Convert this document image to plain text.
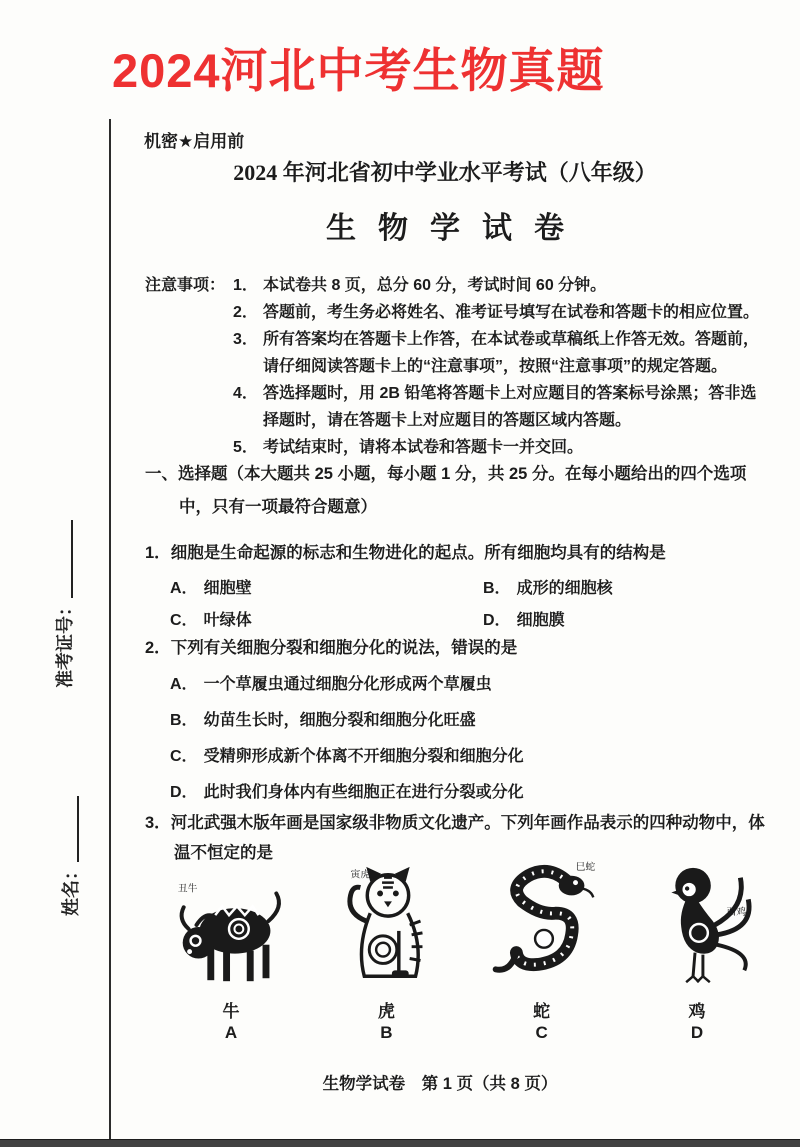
2024河北中考生物真题
准考证号：
姓名：
机密★启用前
2024 年河北省初中学业水平考试（八年级）
生物学试卷
注意事项： 1． 本试卷共 8 页，总分 60 分，考试时间 60 分钟。
2． 答题前，考生务必将姓名、准考证号填写在试卷和答题卡的相应位置。
3． 所有答案均在答题卡上作答，在本试卷或草稿纸上作答无效。答题前，请仔细阅读答题卡上的“注意事项”，按照“注意事项”的规定答题。
4． 答选择题时，用 2B 铅笔将答题卡上对应题目的答案标号涂黑；答非选择题时，请在答题卡上对应题目的答题区域内答题。
5． 考试结束时，请将本试卷和答题卡一并交回。
一、选择题（本大题共 25 小题，每小题 1 分，共 25 分。在每小题给出的四个选项中，只有一项最符合题意）
1．细胞是生命起源的标志和生物进化的起点。所有细胞均具有的结构是
A． 细胞壁	B． 成形的细胞核
C． 叶绿体	D． 细胞膜
2．下列有关细胞分裂和细胞分化的说法，错误的是
A． 一个草履虫通过细胞分化形成两个草履虫
B． 幼苗生长时，细胞分裂和细胞分化旺盛
C． 受精卵形成新个体离不开细胞分裂和细胞分化
D． 此时我们身体内有些细胞正在进行分裂或分化
3．河北武强木版年画是国家级非物质文化遗产。下列年画作品表示的四种动物中，体温不恒定的是
丑牛
牛
A
寅虎
虎
B
巳蛇
蛇
C
酉鸡
鸡
D
生物学试卷　第 1 页（共 8 页）
